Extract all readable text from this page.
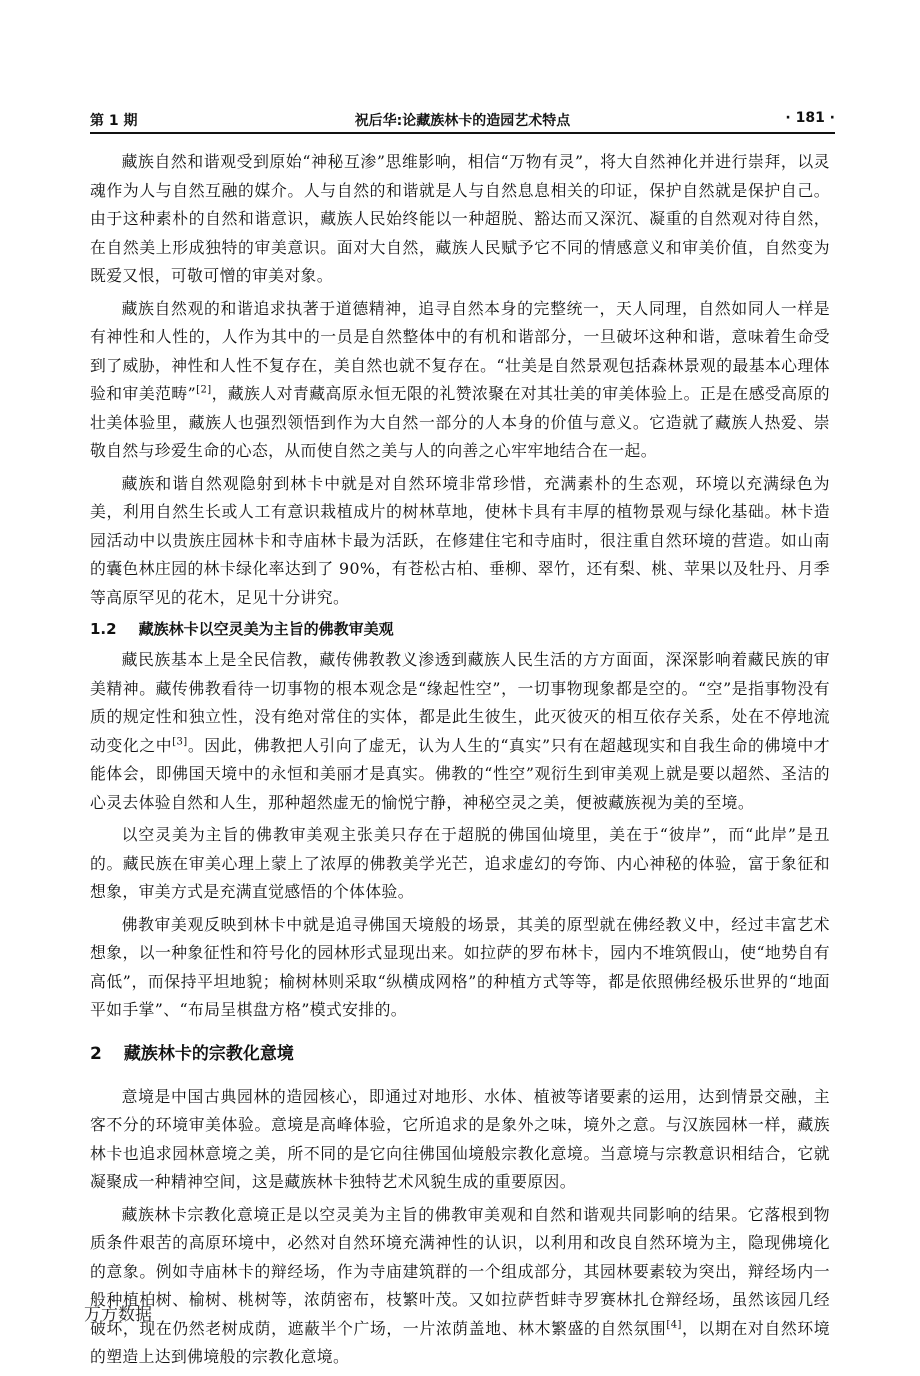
第 1 期	祝后华:论藏族林卡的造园艺术特点	· 181 ·

藏族自然和谐观受到原始“神秘互渗”思维影响，相信“万物有灵”，将大自然神化并进行崇拜，以灵魂作为人与自然互融的媒介。人与自然的和谐就是人与自然息息相关的印证，保护自然就是保护自己。由于这种素朴的自然和谐意识，藏族人民始终能以一种超脱、豁达而又深沉、凝重的自然观对待自然，在自然美上形成独特的审美意识。面对大自然，藏族人民赋予它不同的情感意义和审美价值，自然变为既爱又恨，可敬可憎的审美对象。

藏族自然观的和谐追求执著于道德精神，追寻自然本身的完整统一，天人同理，自然如同人一样是有神性和人性的，人作为其中的一员是自然整体中的有机和谐部分，一旦破坏这种和谐，意味着生命受到了威胁，神性和人性不复存在，美自然也就不复存在。“壮美是自然景观包括森林景观的最基本心理体验和审美范畴”[2]，藏族人对青藏高原永恒无限的礼赞浓聚在对其壮美的审美体验上。正是在感受高原的壮美体验里，藏族人也强烈领悟到作为大自然一部分的人本身的价值与意义。它造就了藏族人热爱、崇敬自然与珍爱生命的心态，从而使自然之美与人的向善之心牢牢地结合在一起。

藏族和谐自然观隐射到林卡中就是对自然环境非常珍惜，充满素朴的生态观，环境以充满绿色为美，利用自然生长或人工有意识栽植成片的树林草地，使林卡具有丰厚的植物景观与绿化基础。林卡造园活动中以贵族庄园林卡和寺庙林卡最为活跃，在修建住宅和寺庙时，很注重自然环境的营造。如山南的囊色林庄园的林卡绿化率达到了 90%，有苍松古柏、垂柳、翠竹，还有梨、桃、苹果以及牡丹、月季等高原罕见的花木，足见十分讲究。

1.2 藏族林卡以空灵美为主旨的佛教审美观

藏民族基本上是全民信教，藏传佛教教义渗透到藏族人民生活的方方面面，深深影响着藏民族的审美精神。藏传佛教看待一切事物的根本观念是“缘起性空”，一切事物现象都是空的。“空”是指事物没有质的规定性和独立性，没有绝对常住的实体，都是此生彼生，此灭彼灭的相互依存关系，处在不停地流动变化之中[3]。因此，佛教把人引向了虚无，认为人生的“真实”只有在超越现实和自我生命的佛境中才能体会，即佛国天境中的永恒和美丽才是真实。佛教的“性空”观衍生到审美观上就是要以超然、圣洁的心灵去体验自然和人生，那种超然虚无的愉悦宁静，神秘空灵之美，便被藏族视为美的至境。

以空灵美为主旨的佛教审美观主张美只存在于超脱的佛国仙境里，美在于“彼岸”，而“此岸”是丑的。藏民族在审美心理上蒙上了浓厚的佛教美学光芒，追求虚幻的夸饰、内心神秘的体验，富于象征和想象，审美方式是充满直觉感悟的个体体验。

佛教审美观反映到林卡中就是追寻佛国天境般的场景，其美的原型就在佛经教义中，经过丰富艺术想象，以一种象征性和符号化的园林形式显现出来。如拉萨的罗布林卡，园内不堆筑假山，使“地势自有高低”，而保持平坦地貌；榆树林则采取“纵横成网格”的种植方式等等，都是依照佛经极乐世界的“地面平如手掌”、“布局呈棋盘方格”模式安排的。

2 藏族林卡的宗教化意境

意境是中国古典园林的造园核心，即通过对地形、水体、植被等诸要素的运用，达到情景交融，主客不分的环境审美体验。意境是高峰体验，它所追求的是象外之味，境外之意。与汉族园林一样，藏族林卡也追求园林意境之美，所不同的是它向往佛国仙境般宗教化意境。当意境与宗教意识相结合，它就凝聚成一种精神空间，这是藏族林卡独特艺术风貌生成的重要原因。

藏族林卡宗教化意境正是以空灵美为主旨的佛教审美观和自然和谐观共同影响的结果。它落根到物质条件艰苦的高原环境中，必然对自然环境充满神性的认识，以利用和改良自然环境为主，隐现佛境化的意象。例如寺庙林卡的辩经场，作为寺庙建筑群的一个组成部分，其园林要素较为突出，辩经场内一般种植柏树、榆树、桃树等，浓荫密布，枝繁叶茂。又如拉萨哲蚌寺罗赛林扎仓辩经场，虽然该园几经破坏，现在仍然老树成荫，遮蔽半个广场，一片浓荫盖地、林木繁盛的自然氛围[4]，以期在对自然环境的塑造上达到佛境般的宗教化意境。

万方数据
